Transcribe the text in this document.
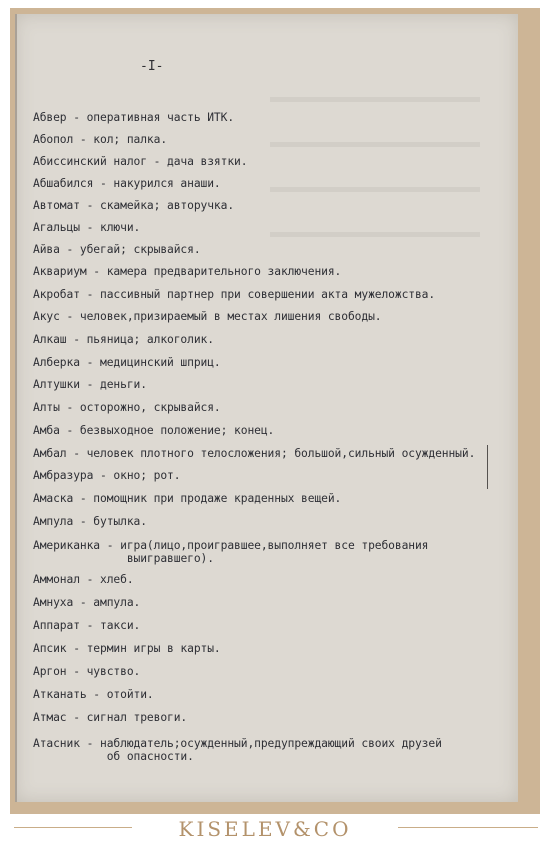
-I-
Абвер - оперативная часть ИТК.
Абопол - кол; палка.
Абиссинский налог - дача взятки.
Абшабился - накурился анаши.
Автомат - скамейка; авторучка.
Агальцы - ключи.
Айва - убегай; скрывайся.
Аквариум - камера предварительного заключения.
Акробат - пассивный партнер при совершении акта мужеложства.
Акус - человек,призираемый в местах лишения свободы.
Алкаш - пьяница; алкоголик.
Алберка - медицинский шприц.
Алтушки - деньги.
Алты - осторожно, скрывайся.
Амба - безвыходное положение; конец.
Амбал - человек плотного телосложения; большой,сильный осужденный.
Амбразура - окно; рот.
Амаска - помощник при продаже краденных вещей.
Ампула - бутылка.
Американка - игра(лицо,проигравшее,выполняет все требования
выигравшего).
Аммонал - хлеб.
Амнуха - ампула.
Аппарат - такси.
Апсик - термин игры в карты.
Аргон - чувство.
Атканать - отойти.
Атмас - сигнал тревоги.
Атасник - наблюдатель;осужденный,предупреждающий своих друзей
об опасности.
KISELEV&CO
